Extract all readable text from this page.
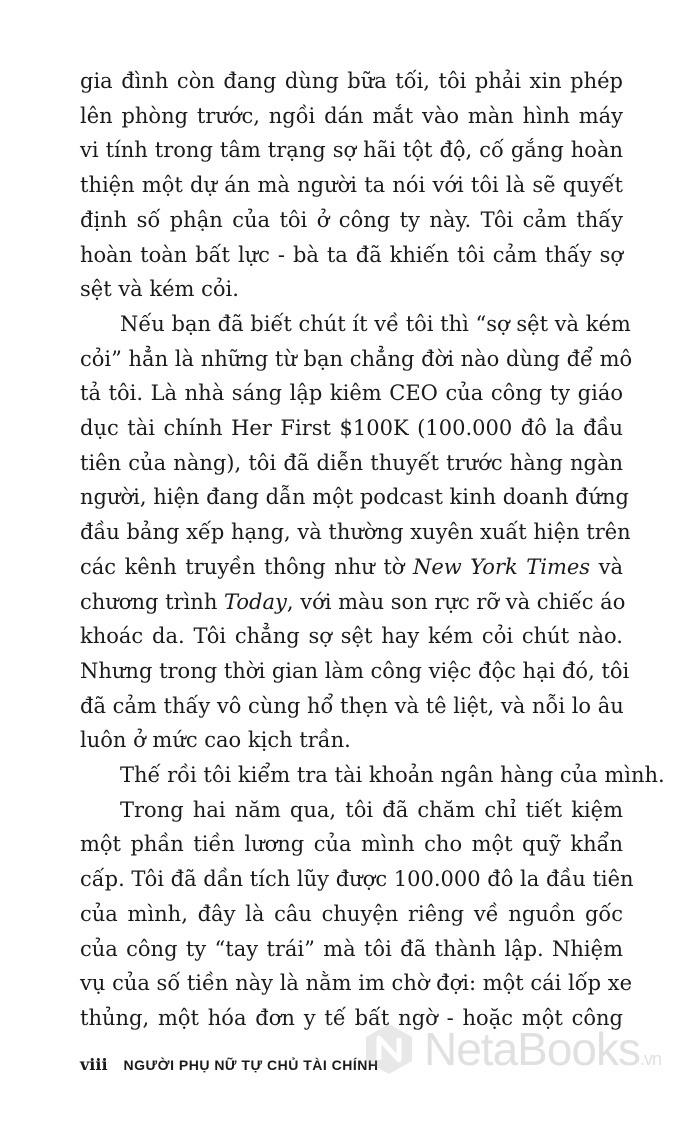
gia đình còn đang dùng bữa tối, tôi phải xin phép
lên phòng trước, ngồi dán mắt vào màn hình máy
vi tính trong tâm trạng sợ hãi tột độ, cố gắng hoàn
thiện một dự án mà người ta nói với tôi là sẽ quyết
định số phận của tôi ở công ty này. Tôi cảm thấy
hoàn toàn bất lực - bà ta đã khiến tôi cảm thấy sợ
sệt và kém cỏi.

Nếu bạn đã biết chút ít về tôi thì “sợ sệt và kém
cỏi” hẳn là những từ bạn chẳng đời nào dùng để mô
tả tôi. Là nhà sáng lập kiêm CEO của công ty giáo
dục tài chính Her First $100K (100.000 đô la đầu
tiên của nàng), tôi đã diễn thuyết trước hàng ngàn
người, hiện đang dẫn một podcast kinh doanh đứng
đầu bảng xếp hạng, và thường xuyên xuất hiện trên
các kênh truyền thông như tờ New York Times và
chương trình Today, với màu son rực rỡ và chiếc áo
khoác da. Tôi chẳng sợ sệt hay kém cỏi chút nào.
Nhưng trong thời gian làm công việc độc hại đó, tôi
đã cảm thấy vô cùng hổ thẹn và tê liệt, và nỗi lo âu
luôn ở mức cao kịch trần.

Thế rồi tôi kiểm tra tài khoản ngân hàng của mình.

Trong hai năm qua, tôi đã chăm chỉ tiết kiệm
một phần tiền lương của mình cho một quỹ khẩn
cấp. Tôi đã dần tích lũy được 100.000 đô la đầu tiên
của mình, đây là câu chuyện riêng về nguồn gốc
của công ty “tay trái” mà tôi đã thành lập. Nhiệm
vụ của số tiền này là nằm im chờ đợi: một cái lốp xe
thủng, một hóa đơn y tế bất ngờ - hoặc một công

viii NGƯỜI PHỤ NỮ TỰ CHỦ TÀI CHÍNH NetaBooks.vn
